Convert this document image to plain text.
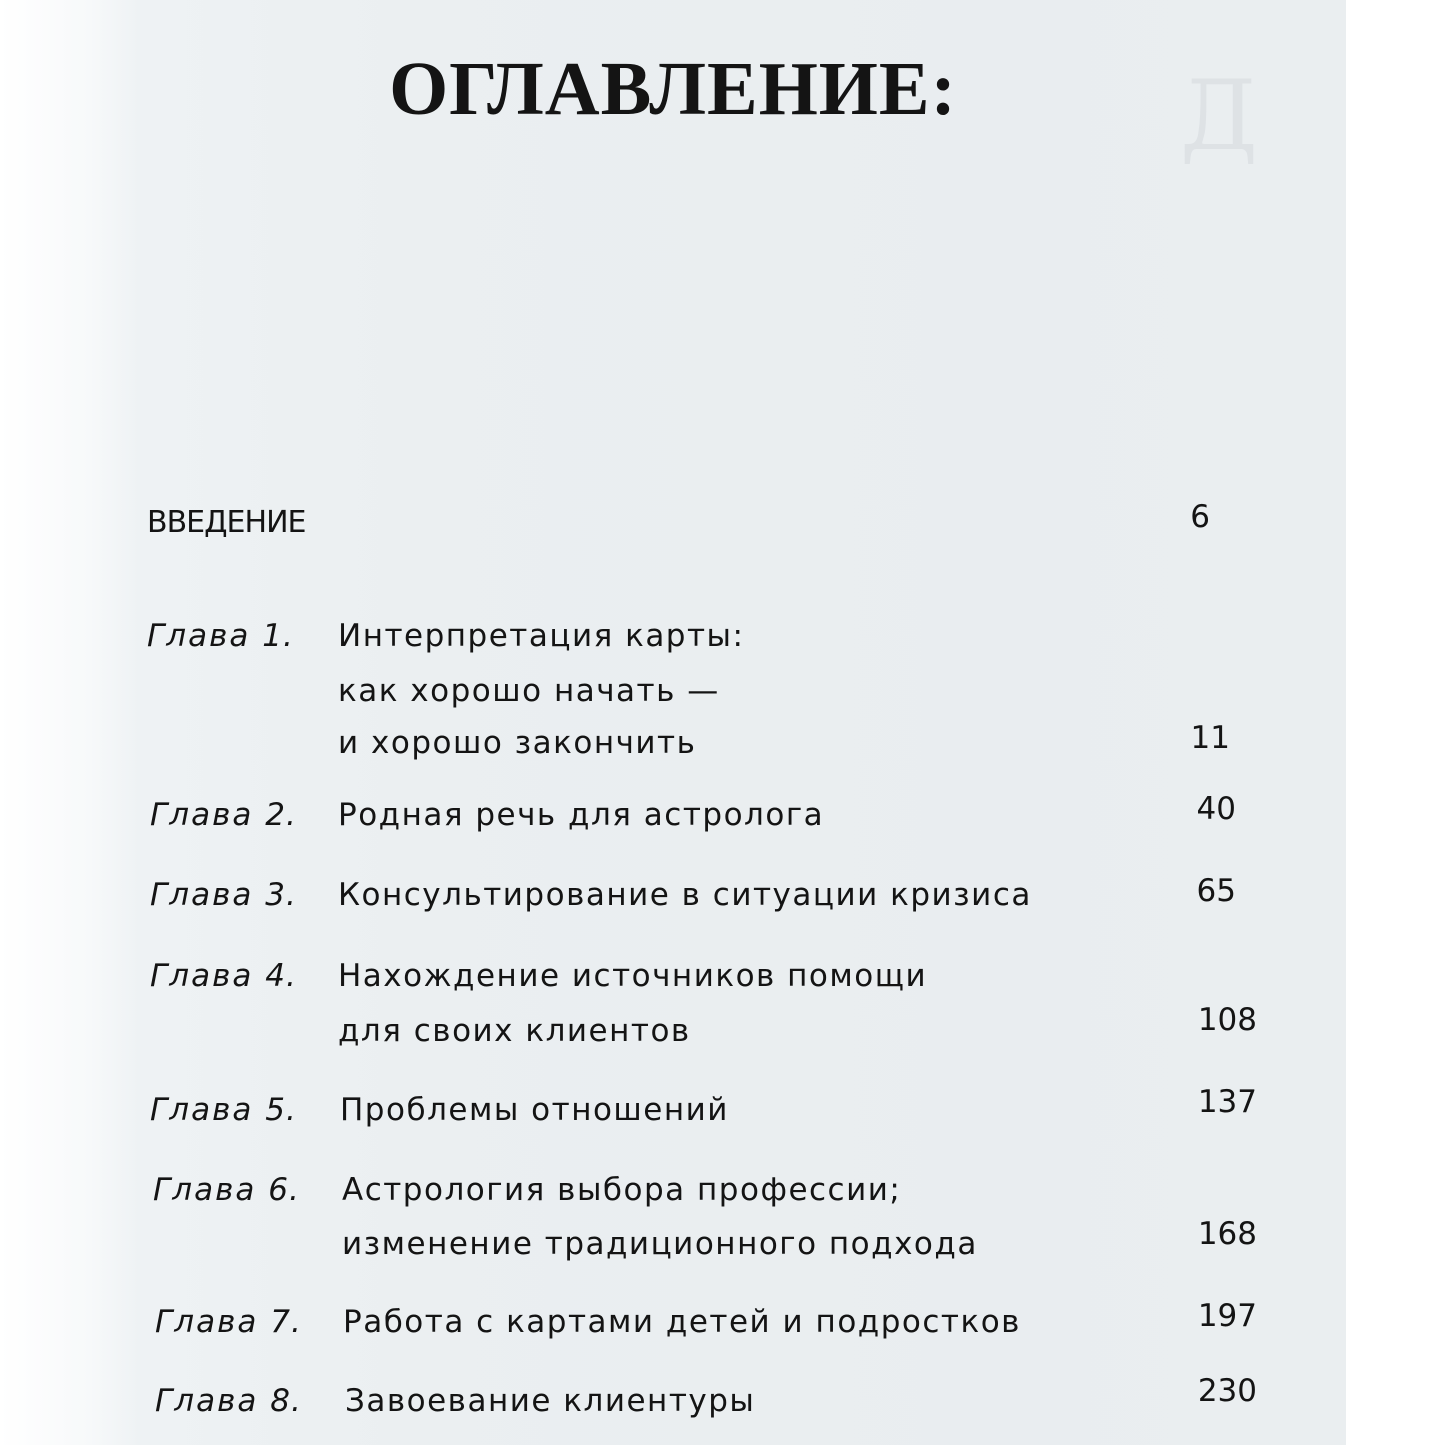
Д

ОГЛАВЛЕНИЕ:
ВВЕДЕНИЕ	6
Глава 1. Интерпретация карты:
как хорошо начать —
и хорошо закончить	11
Глава 2. Родная речь для астролога	40
Глава 3. Консультирование в ситуации кризиса	65
Глава 4. Нахождение источников помощи
для своих клиентов	108
Глава 5. Проблемы отношений	137
Глава 6. Астрология выбора профессии;
изменение традиционного подхода	168
Глава 7. Работа с картами детей и подростков	197
Глава 8. Завоевание клиентуры	230
